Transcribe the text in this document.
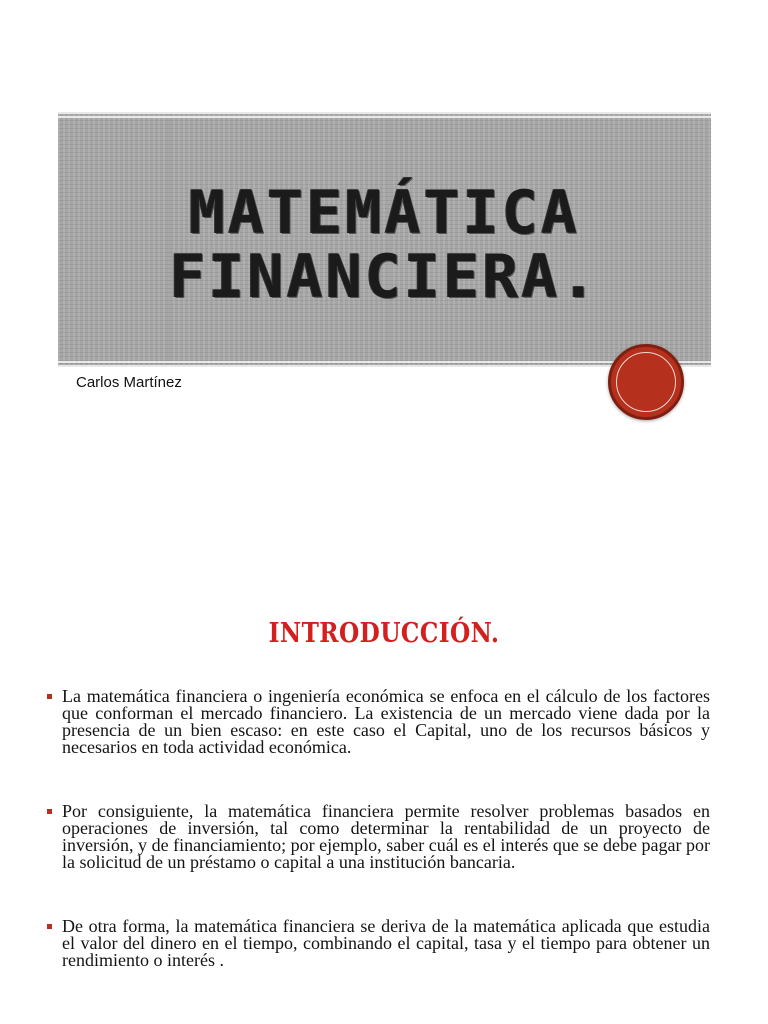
MATEMÁTICA
FINANCIERA.
Carlos Martínez
INTRODUCCIÓN.
La matemática financiera o ingeniería económica se enfoca en el cálculo de los factores que conforman el mercado financiero. La existencia de un mercado viene dada por la presencia de un bien escaso: en este caso el Capital, uno de los recursos básicos y necesarios en toda actividad económica.
Por consiguiente, la matemática financiera permite resolver problemas basados en operaciones de inversión, tal como determinar la rentabilidad de un proyecto de inversión, y de financiamiento; por ejemplo, saber cuál es el interés que se debe pagar por la solicitud de un préstamo o capital a una institución bancaria.
De otra forma, la matemática financiera se deriva de la matemática aplicada que estudia el valor del dinero en el tiempo, combinando el capital, tasa y el tiempo para obtener un rendimiento o interés .
